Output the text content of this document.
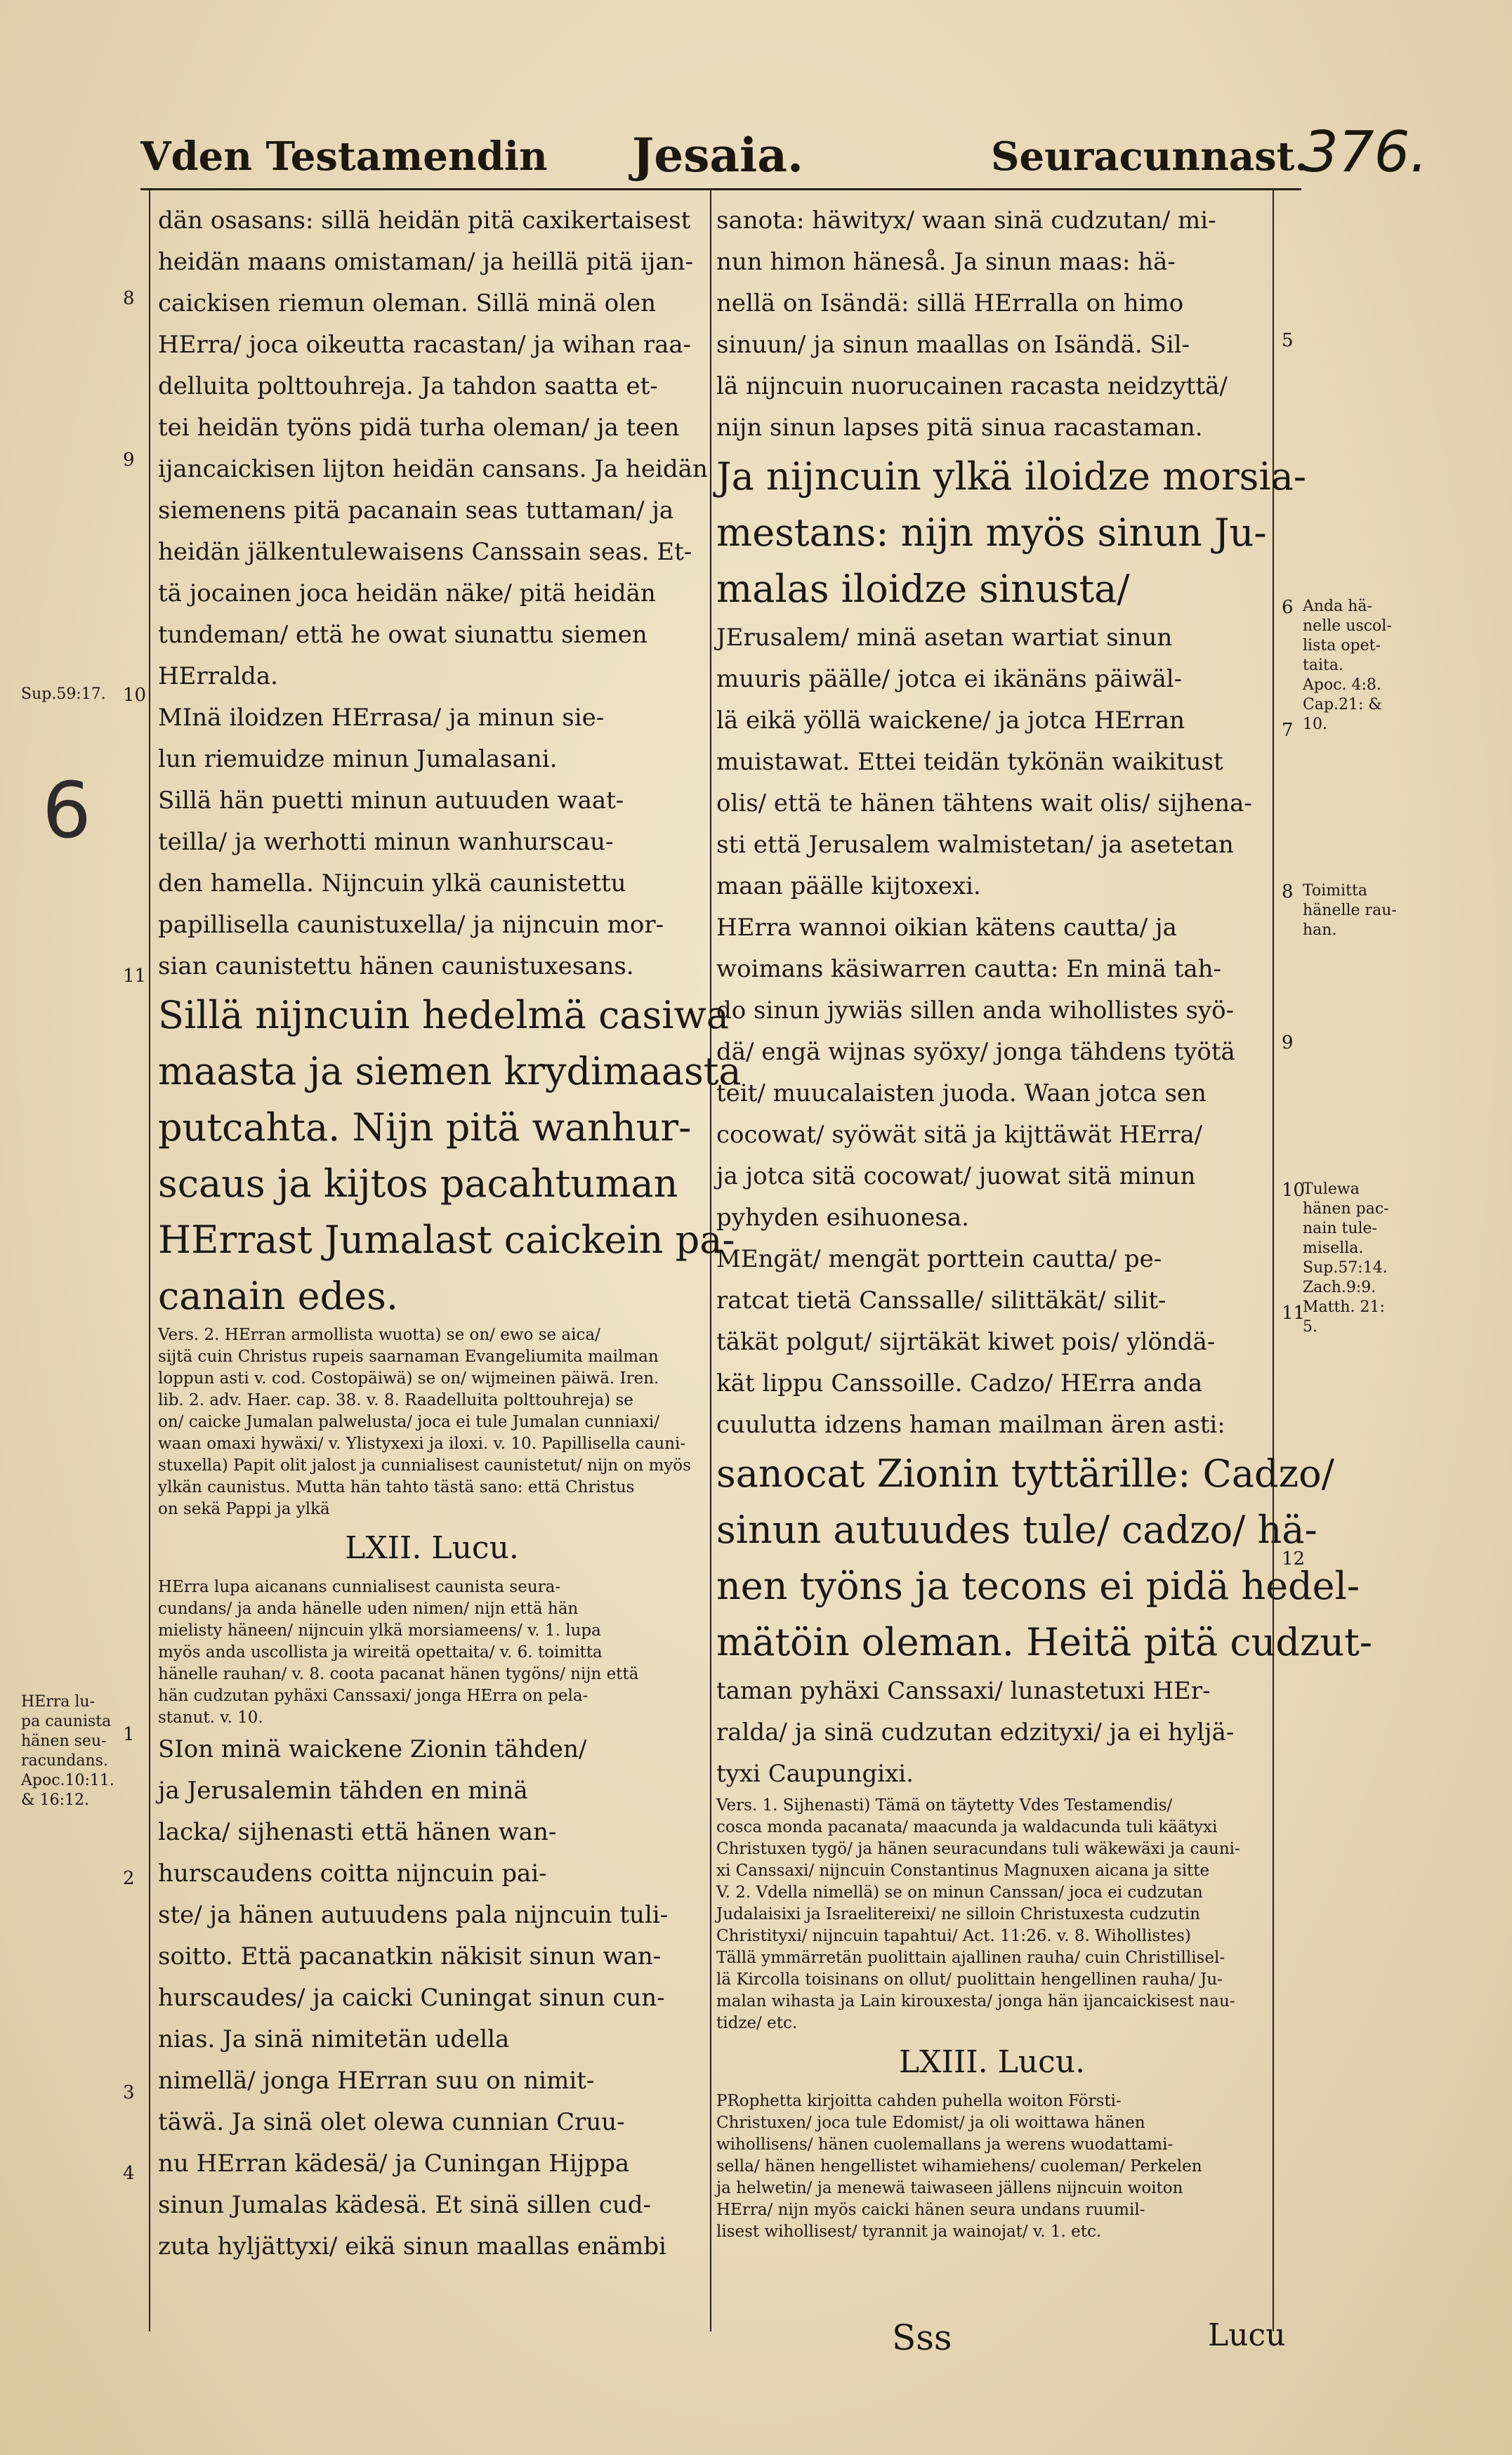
Vden Testamendin Jesaia.	Seuracunnast.
376.
dän osasans: sillä heidän pitä caxikertaisest
heidän maans omistaman/ ja heillä pitä ijan-
caickisen riemun oleman. Sillä minä olen
HErra/ joca oikeutta racastan/ ja wihan raa-
delluita polttouhreja. Ja tahdon saatta et-
tei heidän työns pidä turha oleman/ ja teen
ijancaickisen lijton heidän cansans. Ja heidän
siemenens pitä pacanain seas tuttaman/ ja
heidän jälkentulewaisens Canssain seas. Et-
tä jocainen joca heidän näke/ pitä heidän
tundeman/ että he owat siunattu siemen
HErralda.
MInä iloidzen HErrasa/ ja minun sie-
lun riemuidze minun Jumalasani.
Sillä hän puetti minun autuuden waat-
teilla/ ja werhotti minun wanhurscau-
den hamella. Nijncuin ylkä caunistettu
papillisella caunistuxella/ ja nijncuin mor-
sian caunistettu hänen caunistuxesans.
Sillä nijncuin hedelmä casiwa
maasta ja siemen krydimaasta
putcahta. Nijn pitä wanhur-
scaus ja kijtos pacahtuman
HErrast Jumalast caickein pa-
canain edes.
Vers. 2. HErran armollista wuotta) se on/ ewo se aica/
sijtä cuin Christus rupeis saarnaman Evangeliumita mailman
loppun asti v. cod. Costopäiwä) se on/ wijmeinen päiwä. Iren.
lib. 2. adv. Haer. cap. 38. v. 8. Raadelluita polttouhreja) se
on/ caicke Jumalan palwelusta/ joca ei tule Jumalan cunniaxi/
waan omaxi hywäxi/ v. Ylistyxexi ja iloxi. v. 10. Papillisella cauni-
stuxella) Papit olit jalost ja cunnialisest caunistetut/ nijn on myös
ylkän caunistus. Mutta hän tahto tästä sano: että Christus
on sekä Pappi ja ylkä
LXII. Lucu.
HErra lupa aicanans cunnialisest caunista seura-
cundans/ ja anda hänelle uden nimen/ nijn että hän
mielisty häneen/ nijncuin ylkä morsiameens/ v. 1. lupa
myös anda uscollista ja wireitä opettaita/ v. 6. toimitta
hänelle rauhan/ v. 8. coota pacanat hänen tygöns/ nijn että
hän cudzutan pyhäxi Canssaxi/ jonga HErra on pela-
stanut. v. 10.
SIon minä waickene Zionin tähden/
ja Jerusalemin tähden en minä
lacka/ sijhenasti että hänen wan-
hurscaudens coitta nijncuin pai-
ste/ ja hänen autuudens pala nijncuin tuli-
soitto. Että pacanatkin näkisit sinun wan-
hurscaudes/ ja caicki Cuningat sinun cun-
nias. Ja sinä nimitetän udella
nimellä/ jonga HErran suu on nimit-
täwä. Ja sinä olet olewa cunnian Cruu-
nu HErran kädesä/ ja Cuningan Hijppa
sinun Jumalas kädesä. Et sinä sillen cud-
zuta hyljättyxi/ eikä sinun maallas enämbi
sanota: häwityx/ waan sinä cudzutan/ mi-
nun himon häneså. Ja sinun maas: hä-
nellä on Isändä: sillä HErralla on himo
sinuun/ ja sinun maallas on Isändä. Sil-
lä nijncuin nuorucainen racasta neidzyttä/
nijn sinun lapses pitä sinua racastaman.
Ja nijncuin ylkä iloidze morsia-
mestans: nijn myös sinun Ju-
malas iloidze sinusta/
JErusalem/ minä asetan wartiat sinun
muuris päälle/ jotca ei ikänäns päiwäl-
lä eikä yöllä waickene/ ja jotca HErran
muistawat. Ettei teidän tykönän waikitust
olis/ että te hänen tähtens wait olis/ sijhena-
sti että Jerusalem walmistetan/ ja asetetan
maan päälle kijtoxexi.
HErra wannoi oikian kätens cautta/ ja
woimans käsiwarren cautta: En minä tah-
do sinun jywiäs sillen anda wihollistes syö-
dä/ engä wijnas syöxy/ jonga tähdens työtä
teit/ muucalaisten juoda. Waan jotca sen
cocowat/ syöwät sitä ja kijttäwät HErra/
ja jotca sitä cocowat/ juowat sitä minun
pyhyden esihuonesa.
MEngät/ mengät porttein cautta/ pe-
ratcat tietä Canssalle/ silittäkät/ silit-
täkät polgut/ sijrtäkät kiwet pois/ ylöndä-
kät lippu Canssoille. Cadzo/ HErra anda
cuulutta idzens haman mailman ären asti:
sanocat Zionin tyttärille: Cadzo/
sinun autuudes tule/ cadzo/ hä-
nen työns ja tecons ei pidä hedel-
mätöin oleman. Heitä pitä cudzut-
taman pyhäxi Canssaxi/ lunastetuxi HEr-
ralda/ ja sinä cudzutan edzityxi/ ja ei hyljä-
tyxi Caupungixi.
Vers. 1. Sijhenasti) Tämä on täytetty Vdes Testamendis/
cosca monda pacanata/ maacunda ja waldacunda tuli käätyxi
Christuxen tygö/ ja hänen seuracundans tuli wäkewäxi ja cauni-
xi Canssaxi/ nijncuin Constantinus Magnuxen aicana ja sitte
V. 2. Vdella nimellä) se on minun Canssan/ joca ei cudzutan
Judalaisixi ja Israelitereixi/ ne silloin Christuxesta cudzutin
Christityxi/ nijncuin tapahtui/ Act. 11:26. v. 8. Wihollistes)
Tällä ymmärretän puolittain ajallinen rauha/ cuin Christillisel-
lä Kircolla toisinans on ollut/ puolittain hengellinen rauha/ Ju-
malan wihasta ja Lain kirouxesta/ jonga hän ijancaickisest nau-
tidze/ etc.
LXIII. Lucu.
PRophetta kirjoitta cahden puhella woiton Försti-
Christuxen/ joca tule Edomist/ ja oli woittawa hänen
wihollisens/ hänen cuolemallans ja werens wuodattami-
sella/ hänen hengellistet wihamiehens/ cuoleman/ Perkelen
ja helwetin/ ja menewä taiwaseen jällens nijncuin woiton
HErra/ nijn myös caicki hänen seura undans ruumil-
lisest wihollisest/ tyrannit ja wainojat/ v. 1. etc.
Sup.59:17.
HErra lu-
pa caunista
hänen seu-
racundans.
Apoc.10:11.
& 16:12.
Anda hä-
nelle uscol-
lista opet-
taita.
Apoc. 4:8.
Cap.21: &
10.
Toimitta
hänelle rau-
han.
Tulewa
hänen pac-
nain tule-
misella.
Sup.57:14.
Zach.9:9.
Matth. 21:
5.
8
9
10
11
1
2
3
4
5
6
7
8
9
10
11
12
6
Sss	Lucu
